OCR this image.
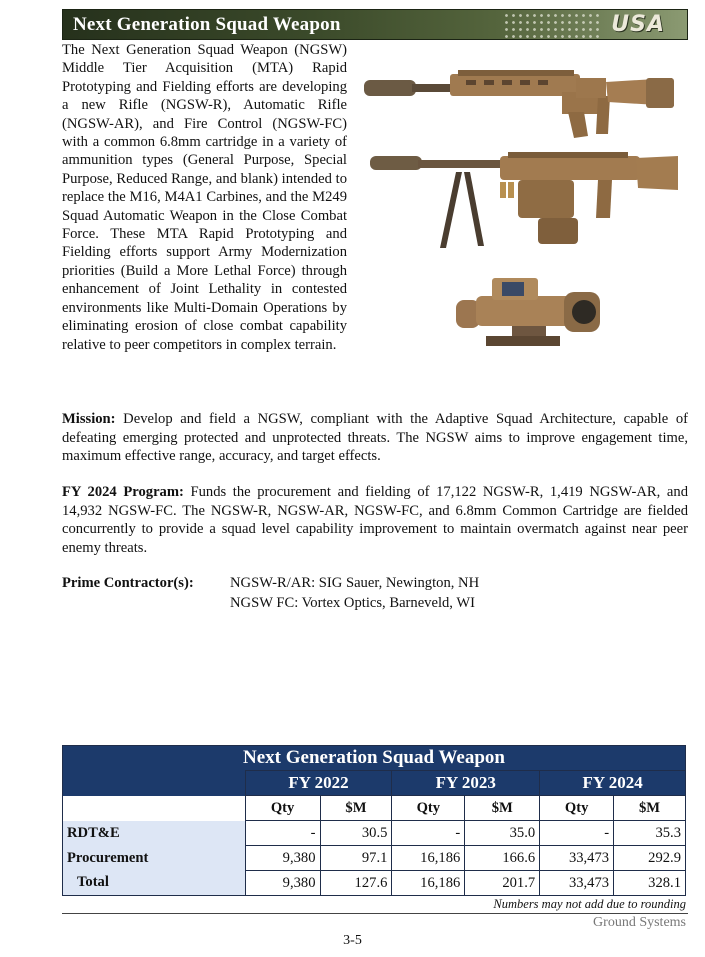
Next Generation Squad Weapon	USA
The Next Generation Squad Weapon (NGSW) Middle Tier Acquisition (MTA) Rapid Prototyping and Fielding efforts are developing a new Rifle (NGSW-R), Automatic Rifle (NGSW-AR), and Fire Control (NGSW-FC) with a common 6.8mm cartridge in a variety of ammunition types (General Purpose, Special Purpose, Reduced Range, and blank) intended to replace the M16, M4A1 Carbines, and the M249 Squad Automatic Weapon in the Close Combat Force. These MTA Rapid Prototyping and Fielding efforts support Army Modernization priorities (Build a More Lethal Force) through enhancement of Joint Lethality in contested environments like Multi-Domain Operations by eliminating erosion of close combat capability relative to peer competitors in complex terrain.
Mission: Develop and field a NGSW, compliant with the Adaptive Squad Architecture, capable of defeating emerging protected and unprotected threats. The NGSW aims to improve engagement time, maximum effective range, accuracy, and target effects.
FY 2024 Program: Funds the procurement and fielding of 17,122 NGSW-R, 1,419 NGSW-AR, and 14,932 NGSW-FC. The NGSW-R, NGSW-AR, NGSW-FC, and 6.8mm Common Cartridge are fielded concurrently to provide a squad level capability improvement to maintain overmatch against near peer enemy threats.
Prime Contractor(s): NGSW-R/AR: SIG Sauer, Newington, NH
NGSW FC: Vortex Optics, Barneveld, WI
Next Generation Squad Weapon						
	FY 2022		FY 2023		FY 2024	
	Qty	$M	Qty	$M	Qty	$M
RDT&E	-	30.5	-	35.0	-	35.3
Procurement	9,380	97.1	16,186	166.6	33,473	292.9
Total	9,380	127.6	16,186	201.7	33,473	328.1
Numbers may not add due to rounding
Ground Systems
3-5
